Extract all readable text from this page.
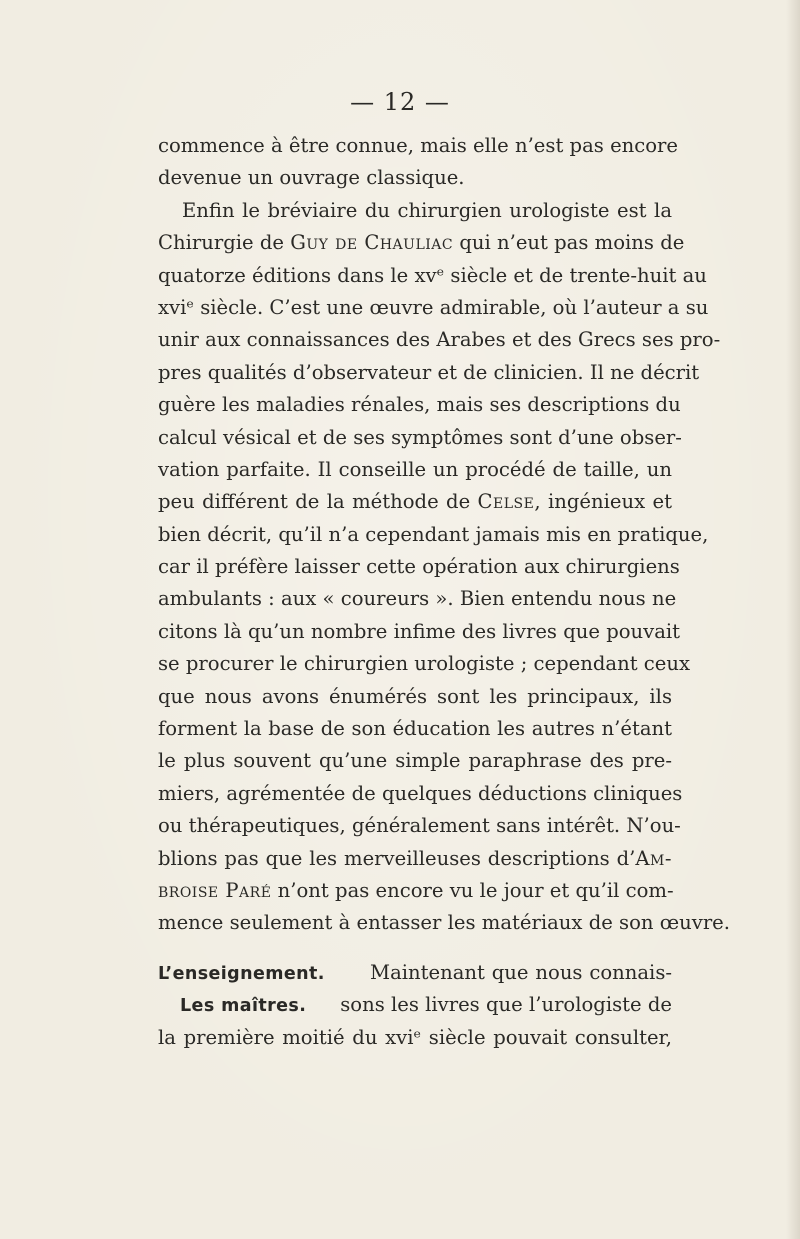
— 12 —
commence à être connue, mais elle n’est pas encore
devenue un ouvrage classique.
Enfin le bréviaire du chirurgien urologiste est la
Chirurgie de Guy de Chauliac qui n’eut pas moins de
quatorze éditions dans le xvᵉ siècle et de trente-huit au
xviᵉ siècle. C’est une œuvre admirable, où l’auteur a su
unir aux connaissances des Arabes et des Grecs ses pro-
pres qualités d’observateur et de clinicien. Il ne décrit
guère les maladies rénales, mais ses descriptions du
calcul vésical et de ses symptômes sont d’une obser-
vation parfaite. Il conseille un procédé de taille, un
peu différent de la méthode de Celse, ingénieux et
bien décrit, qu’il n’a cependant jamais mis en pratique,
car il préfère laisser cette opération aux chirurgiens
ambulants : aux « coureurs ». Bien entendu nous ne
citons là qu’un nombre infime des livres que pouvait
se procurer le chirurgien urologiste ; cependant ceux
que nous avons énumérés sont les principaux, ils
forment la base de son éducation les autres n’étant
le plus souvent qu’une simple paraphrase des pre-
miers, agrémentée de quelques déductions cliniques
ou thérapeutiques, généralement sans intérêt. N’ou-
blions pas que les merveilleuses descriptions d’Am-
broise Paré n’ont pas encore vu le jour et qu’il com-
mence seulement à entasser les matériaux de son œuvre.
L’enseignement.	Maintenant que nous connais-
Les maîtres.	sons les livres que l’urologiste de
la première moitié du xviᵉ siècle pouvait consulter,
